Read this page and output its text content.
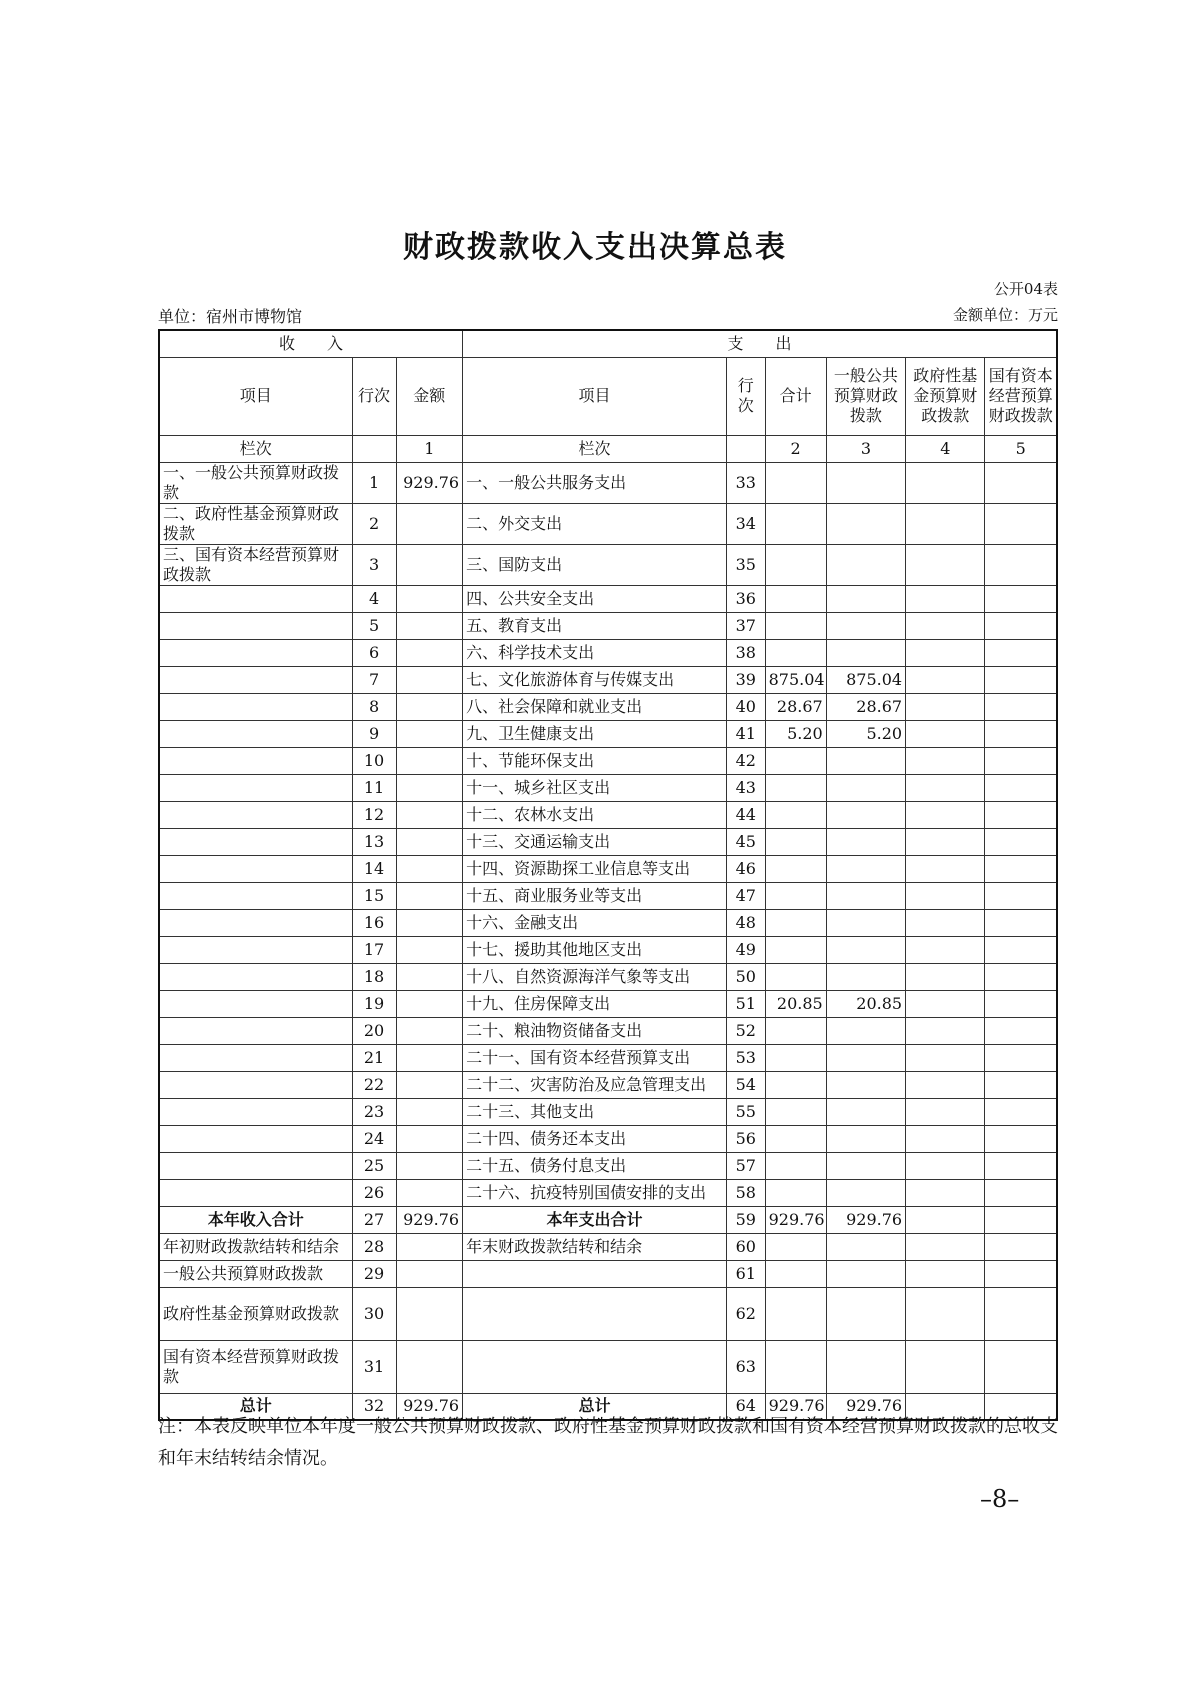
财政拨款收入支出决算总表
公开04表
单位：宿州市博物馆	金额单位：万元
收　　入			支　　出					
项目	行次	金额	项目	行次	合计	一般公共预算财政拨款	政府性基金预算财政拨款	国有资本经营预算财政拨款
栏次		1	栏次		2	3	4	5
一、一般公共预算财政拨款	1	929.76	一、一般公共服务支出	33				
二、政府性基金预算财政拨款	2		二、外交支出	34				
三、国有资本经营预算财政拨款	3		三、国防支出	35				
	4		四、公共安全支出	36				
	5		五、教育支出	37				
	6		六、科学技术支出	38				
	7		七、文化旅游体育与传媒支出	39	875.04	875.04		
	8		八、社会保障和就业支出	40	28.67	28.67		
	9		九、卫生健康支出	41	5.20	5.20		
	10		十、节能环保支出	42				
	11		十一、城乡社区支出	43				
	12		十二、农林水支出	44				
	13		十三、交通运输支出	45				
	14		十四、资源勘探工业信息等支出	46				
	15		十五、商业服务业等支出	47				
	16		十六、金融支出	48				
	17		十七、援助其他地区支出	49				
	18		十八、自然资源海洋气象等支出	50				
	19		十九、住房保障支出	51	20.85	20.85		
	20		二十、粮油物资储备支出	52				
	21		二十一、国有资本经营预算支出	53				
	22		二十二、灾害防治及应急管理支出	54				
	23		二十三、其他支出	55				
	24		二十四、债务还本支出	56				
	25		二十五、债务付息支出	57				
	26		二十六、抗疫特别国债安排的支出	58				
本年收入合计	27	929.76	本年支出合计	59	929.76	929.76		
年初财政拨款结转和结余	28		年末财政拨款结转和结余	60				
一般公共预算财政拨款	29			61				
政府性基金预算财政拨款	30			62				
国有资本经营预算财政拨款	31			63				
总计	32	929.76	总计	64	929.76	929.76		
注：本表反映单位本年度一般公共预算财政拨款、政府性基金预算财政拨款和国有资本经营预算财政拨款的总收支和年末结转结余情况。
–8–
